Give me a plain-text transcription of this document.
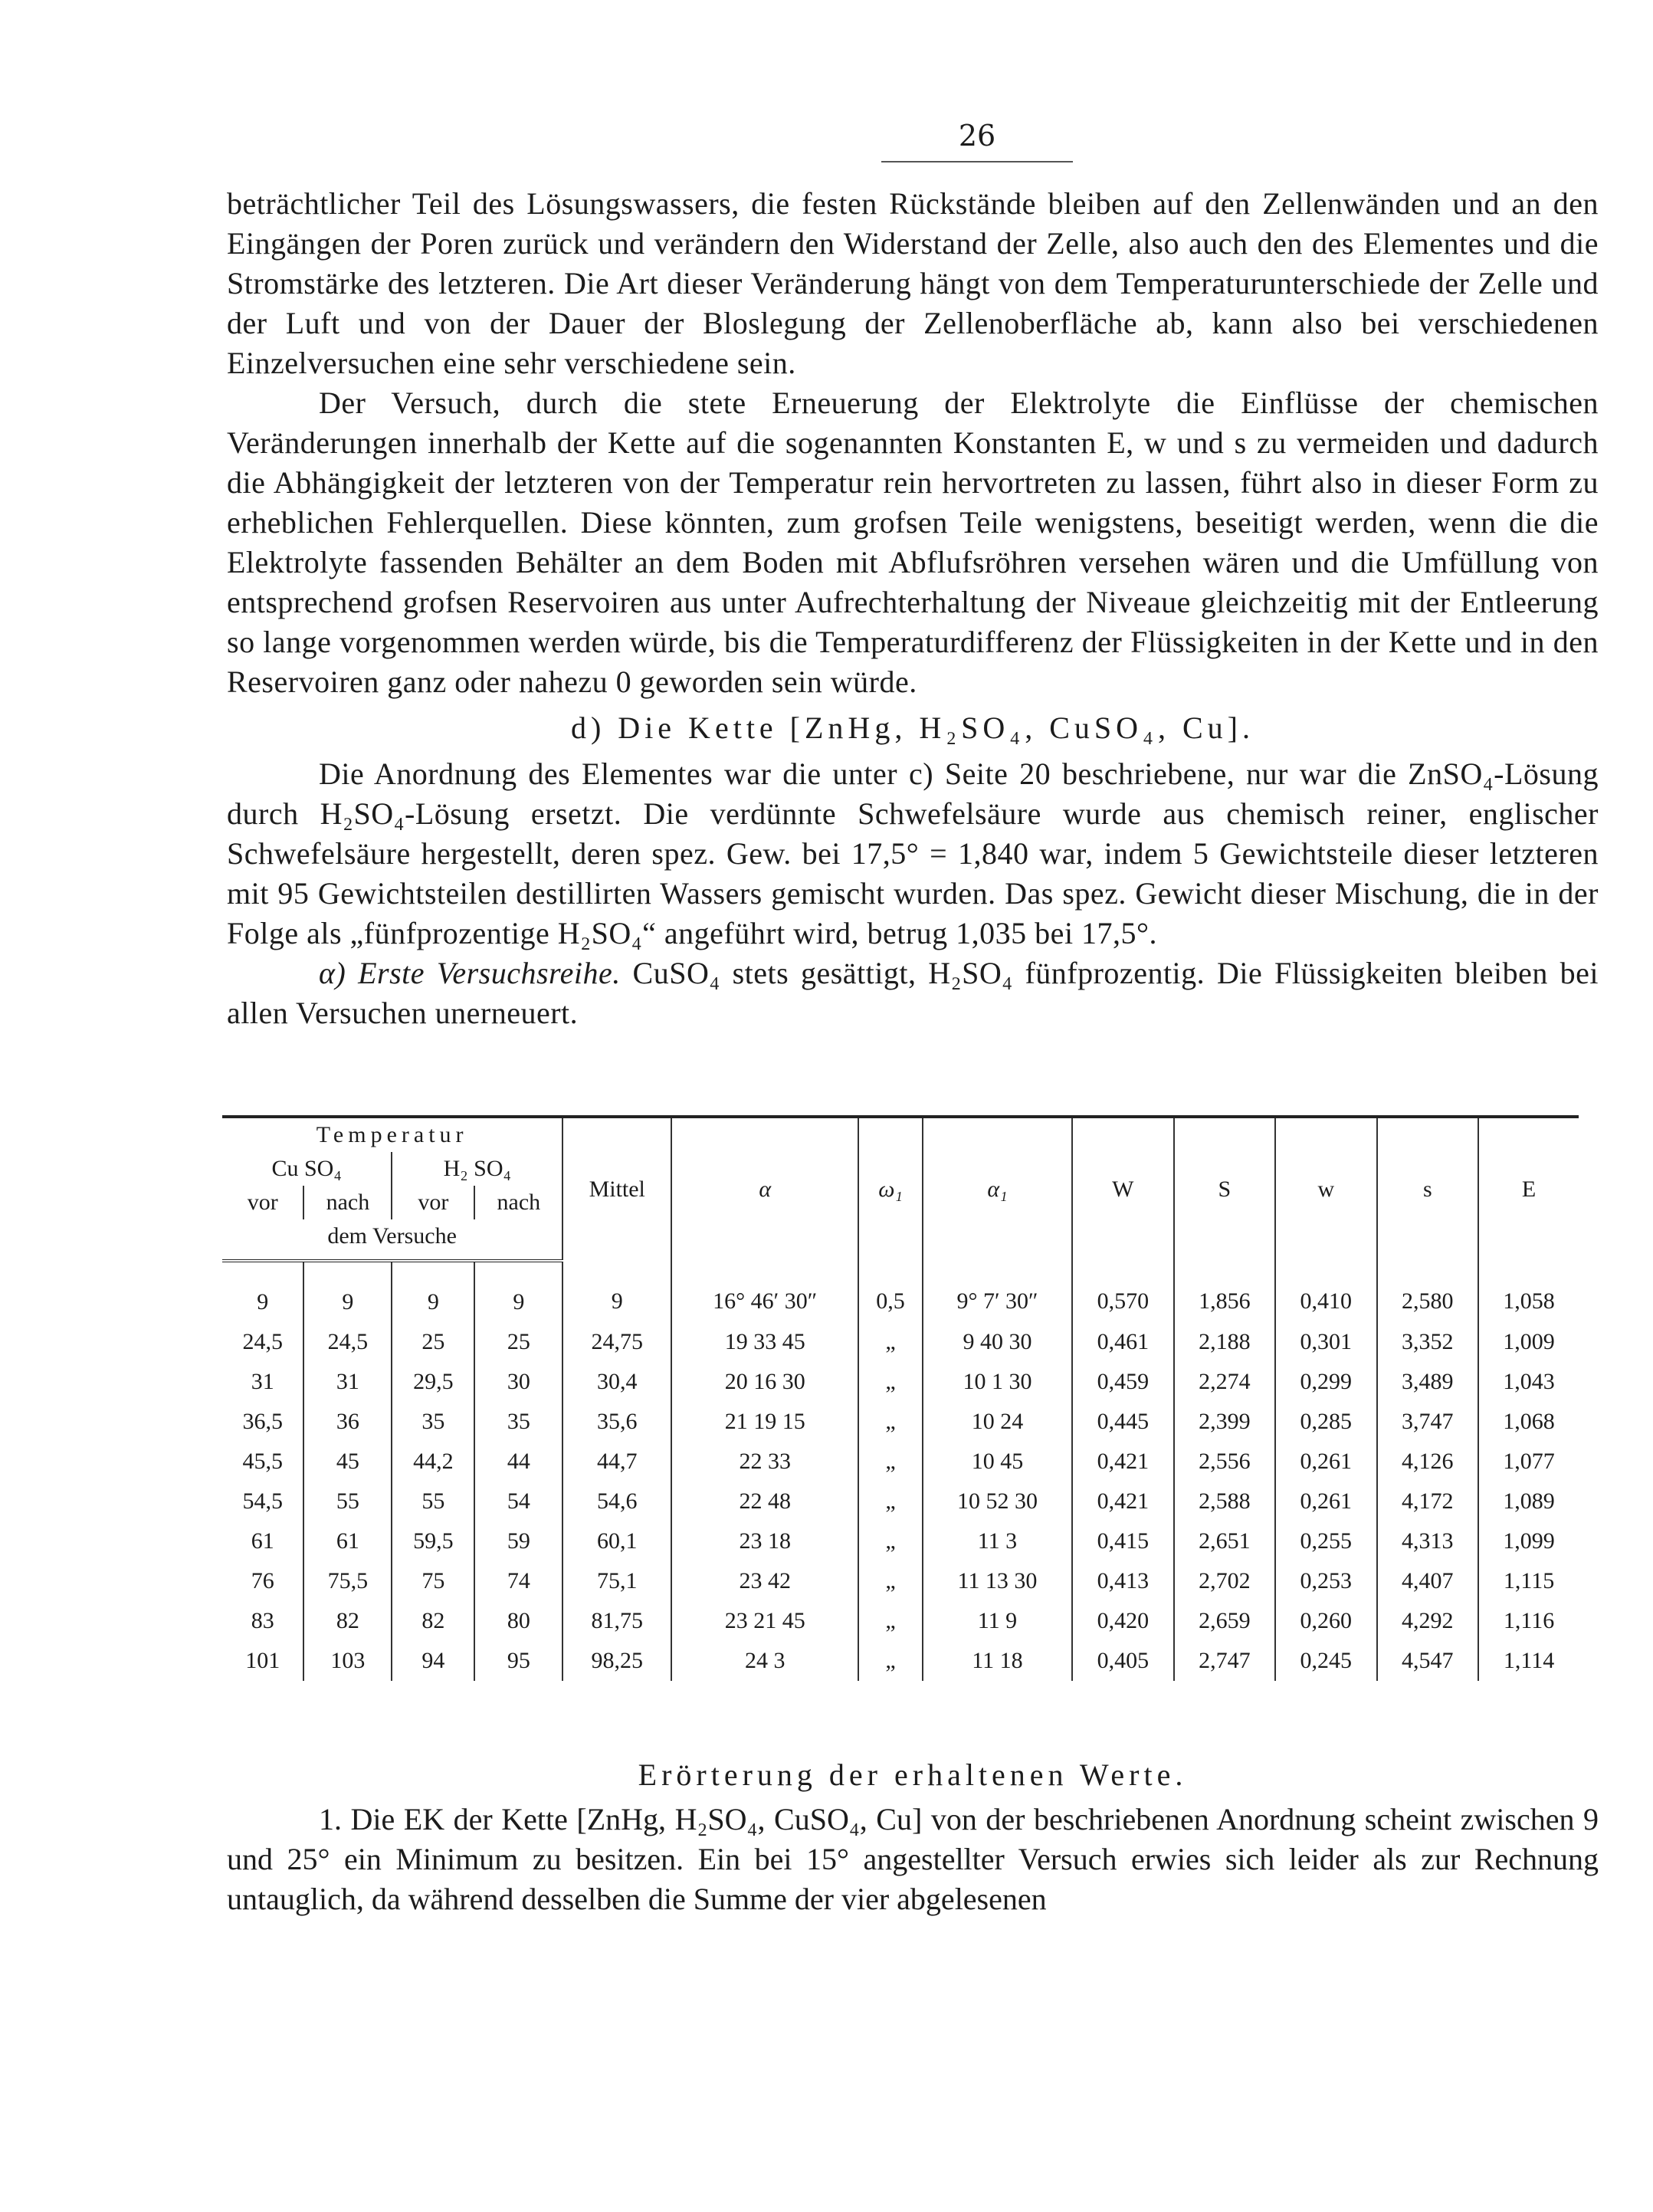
26

beträchtlicher Teil des Lösungswassers, die festen Rückstände bleiben auf den Zellenwänden und an den Eingängen der Poren zurück und verändern den Widerstand der Zelle, also auch den des Elementes und die Stromstärke des letzteren. Die Art dieser Veränderung hängt von dem Temperaturunterschiede der Zelle und der Luft und von der Dauer der Bloslegung der Zellenoberfläche ab, kann also bei verschiedenen Einzelversuchen eine sehr verschiedene sein.

Der Versuch, durch die stete Erneuerung der Elektrolyte die Einflüsse der chemischen Veränderungen innerhalb der Kette auf die sogenannten Konstanten E, w und s zu vermeiden und dadurch die Abhängigkeit der letzteren von der Temperatur rein hervortreten zu lassen, führt also in dieser Form zu erheblichen Fehlerquellen. Diese könnten, zum grofsen Teile wenigstens, beseitigt werden, wenn die die Elektrolyte fassenden Behälter an dem Boden mit Abflufsröhren versehen wären und die Umfüllung von entsprechend grofsen Reservoiren aus unter Aufrechterhaltung der Niveaue gleichzeitig mit der Entleerung so lange vorgenommen werden würde, bis die Temperaturdifferenz der Flüssigkeiten in der Kette und in den Reservoiren ganz oder nahezu 0 geworden sein würde.

d) Die Kette [ZnHg, H₂SO₄, CuSO₄, Cu].

Die Anordnung des Elementes war die unter c) Seite 20 beschriebene, nur war die ZnSO₄-Lösung durch H₂SO₄-Lösung ersetzt. Die verdünnte Schwefelsäure wurde aus chemisch reiner, englischer Schwefelsäure hergestellt, deren spez. Gew. bei 17,5° = 1,840 war, indem 5 Gewichtsteile dieser letzteren mit 95 Gewichtsteilen destillirten Wassers gemischt wurden. Das spez. Gewicht dieser Mischung, die in der Folge als „fünfprozentige H₂SO₄“ angeführt wird, betrug 1,035 bei 17,5°.

α) Erste Versuchsreihe. CuSO₄ stets gesättigt, H₂SO₄ fünfprozentig. Die Flüssigkeiten bleiben bei allen Versuchen unerneuert.

Temperatur				Mittel	α	ω₁	α₁	W	S	w	s	E
Cu SO₄		H₂ SO₄										
vor	nach	vor	nach									
dem Versuche												
9	9	9	9	9	16° 46′ 30″	0,5	9° 7′ 30″	0,570	1,856	0,410	2,580	1,058
24,5	24,5	25	25	24,75	19 33 45	„	9 40 30	0,461	2,188	0,301	3,352	1,009
31	31	29,5	30	30,4	20 16 30	„	10 1 30	0,459	2,274	0,299	3,489	1,043
36,5	36	35	35	35,6	21 19 15	„	10 24	0,445	2,399	0,285	3,747	1,068
45,5	45	44,2	44	44,7	22 33	„	10 45	0,421	2,556	0,261	4,126	1,077
54,5	55	55	54	54,6	22 48	„	10 52 30	0,421	2,588	0,261	4,172	1,089
61	61	59,5	59	60,1	23 18	„	11 3	0,415	2,651	0,255	4,313	1,099
76	75,5	75	74	75,1	23 42	„	11 13 30	0,413	2,702	0,253	4,407	1,115
83	82	82	80	81,75	23 21 45	„	11 9	0,420	2,659	0,260	4,292	1,116
101	103	94	95	98,25	24 3	„	11 18	0,405	2,747	0,245	4,547	1,114

Erörterung der erhaltenen Werte.

1. Die EK der Kette [ZnHg, H₂SO₄, CuSO₄, Cu] von der beschriebenen Anordnung scheint zwischen 9 und 25° ein Minimum zu besitzen. Ein bei 15° angestellter Versuch erwies sich leider als zur Rechnung untauglich, da während desselben die Summe der vier abgelesenen
